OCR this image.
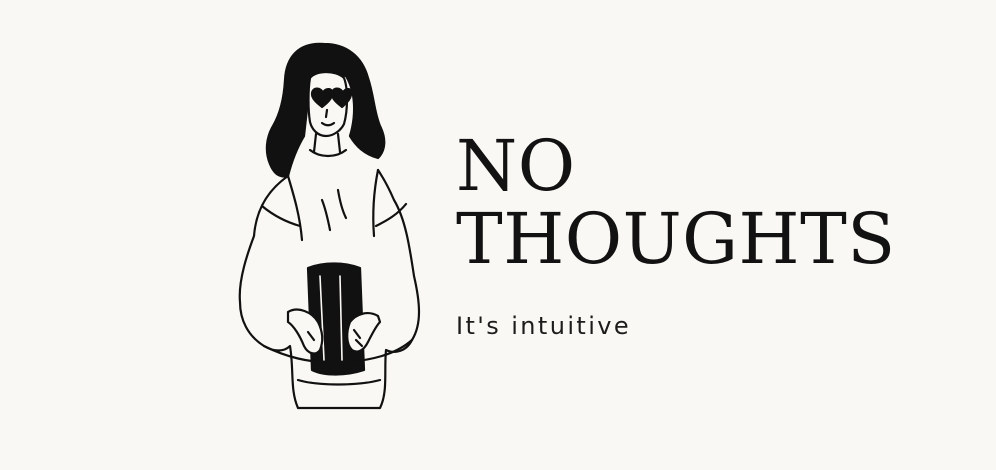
NO
THOUGHTS
It's intuitive
